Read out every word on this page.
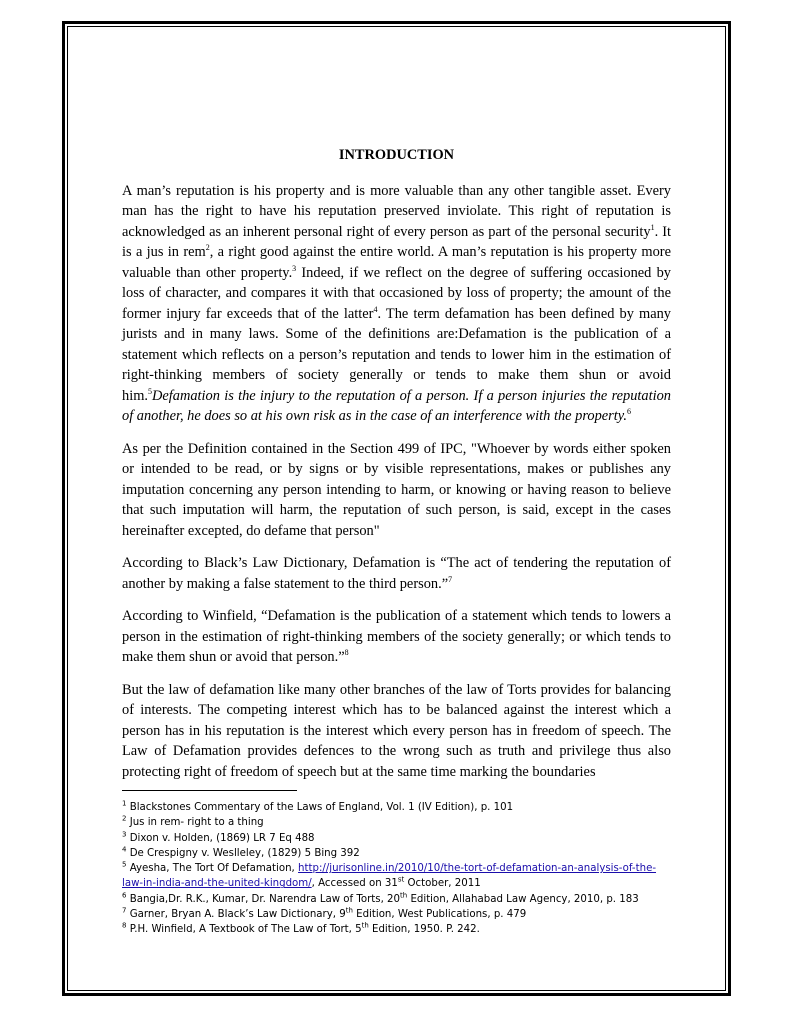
INTRODUCTION

A man’s reputation is his property and is more valuable than any other tangible asset. Every man has the right to have his reputation preserved inviolate. This right of reputation is acknowledged as an inherent personal right of every person as part of the personal security$^1$. It is a jus in rem$^2$, a right good against the entire world. A man’s reputation is his property more valuable than other property.$^3$ Indeed, if we reflect on the degree of suffering occasioned by loss of character, and compares it with that occasioned by loss of property; the amount of the former injury far exceeds that of the latter$^4$. The term defamation has been defined by many jurists and in many laws. Some of the definitions are:Defamation is the publication of a statement which reflects on a person’s reputation and tends to lower him in the estimation of right-thinking members of society generally or tends to make them shun or avoid him.$^5$Defamation is the injury to the reputation of a person. If a person injuries the reputation of another, he does so at his own risk as in the case of an interference with the property.$^6$

As per the Definition contained in the Section 499 of IPC, "Whoever by words either spoken or intended to be read, or by signs or by visible representations, makes or publishes any imputation concerning any person intending to harm, or knowing or having reason to believe that such imputation will harm, the reputation of such person, is said, except in the cases hereinafter excepted, do defame that person"

According to Black’s Law Dictionary, Defamation is “The act of tendering the reputation of another by making a false statement to the third person.”$^7$

According to Winfield, “Defamation is the publication of a statement which tends to lowers a person in the estimation of right-thinking members of the society generally; or which tends to make them shun or avoid that person.”$^8$

But the law of defamation like many other branches of the law of Torts provides for balancing of interests. The competing interest which has to be balanced against the interest which a person has in his reputation is the interest which every person has in freedom of speech. The Law of Defamation provides defences to the wrong such as truth and privilege thus also protecting right of freedom of speech but at the same time marking the boundaries

$^1$ Blackstones Commentary of the Laws of England, Vol. 1 (IV Edition), p. 101
$^2$ Jus in rem- right to a thing
$^3$ Dixon v. Holden, (1869) LR 7 Eq 488
$^4$ De Crespigny v. Weslleley, (1829) 5 Bing 392
$^5$ Ayesha, The Tort Of Defamation, http://jurisonline.in/2010/10/the-tort-of-defamation-an-analysis-of-the-
law-in-india-and-the-united-kingdom/, Accessed on 31st October, 2011
$^6$ Bangia,Dr. R.K., Kumar, Dr. Narendra Law of Torts, 20th Edition, Allahabad Law Agency, 2010, p. 183
$^7$ Garner, Bryan A. Black’s Law Dictionary, 9th Edition, West Publications, p. 479
$^8$ P.H. Winfield, A Textbook of The Law of Tort, 5th Edition, 1950. P. 242.
